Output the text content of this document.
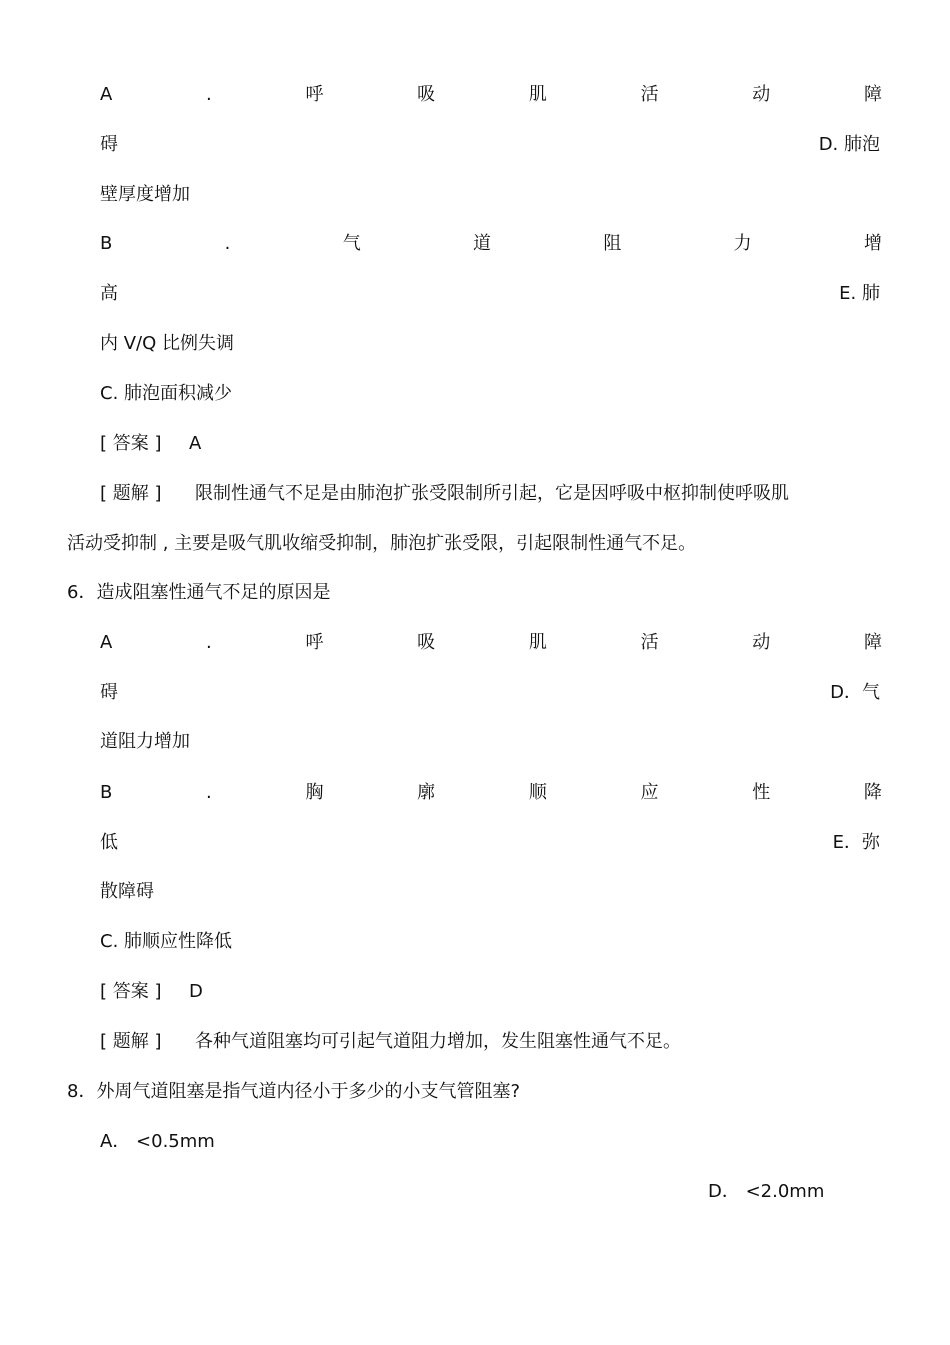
A	.	呼	吸	肌	活	动	障
碍	D. 肺泡
壁厚度增加
B	.	气	道	阻	力	增
高	E. 肺
内 V/Q 比例失调
C. 肺泡面积减少
[ 答案 ] A
[ 题解 ] 限制性通气不足是由肺泡扩张受限制所引起，它是因呼吸中枢抑制使呼吸肌
活动受抑制 , 主要是吸气肌收缩受抑制，肺泡扩张受限，引起限制性通气不足。
6．造成阻塞性通气不足的原因是
A	.	呼	吸	肌	活	动	障
碍	D．气
道阻力增加
B	.	胸	廓	顺	应	性	降
低	E．弥
散障碍
C. 肺顺应性降低
[ 答案 ] D
[ 题解 ] 各种气道阻塞均可引起气道阻力增加，发生阻塞性通气不足。
8．外周气道阻塞是指气道内径小于多少的小支气管阻塞?
A． <0.5mm
D． <2.0mm
